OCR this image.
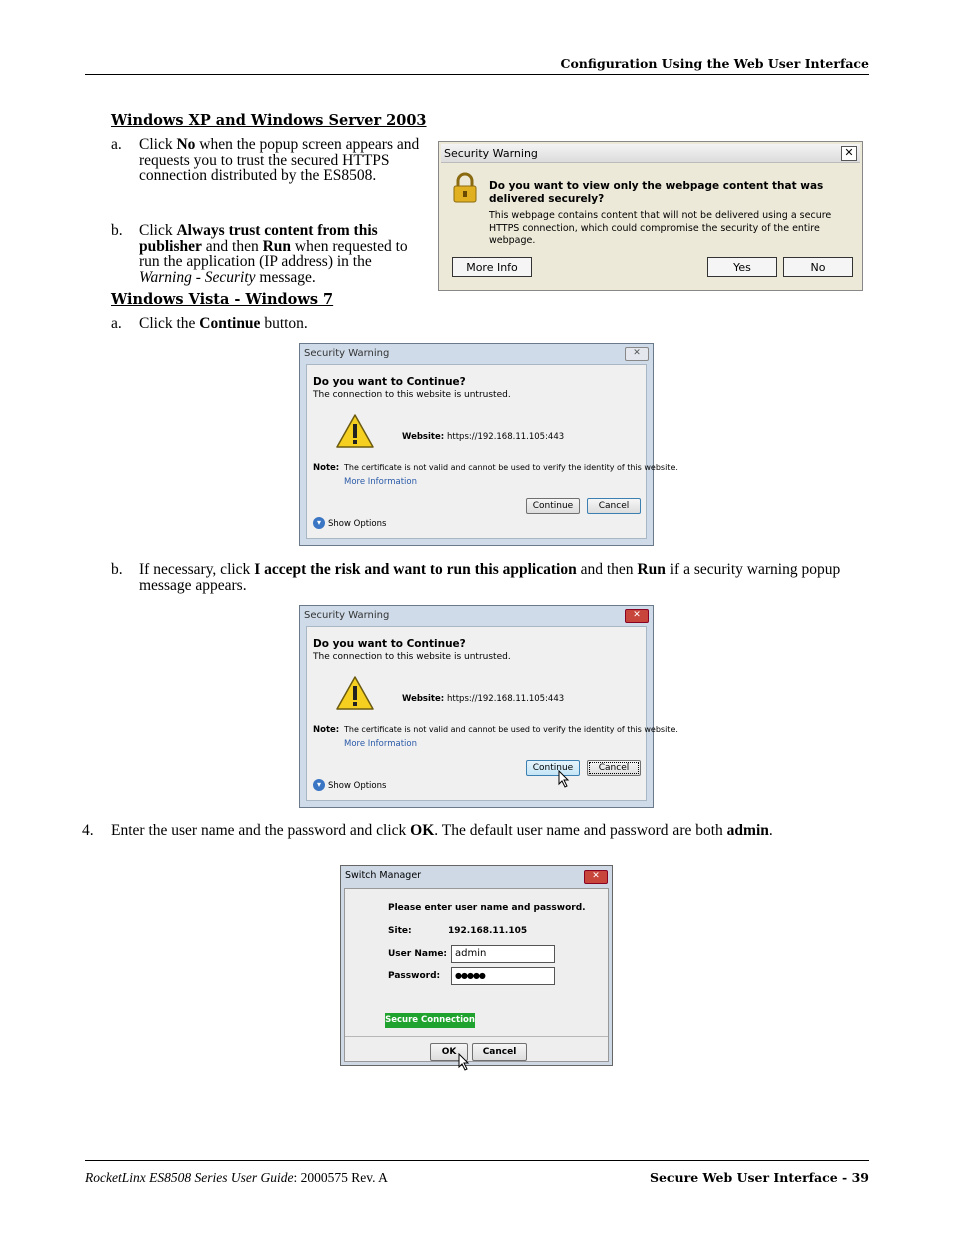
Configuration Using the Web User Interface
Windows XP and Windows Server 2003
a.	Click No when the popup screen appears and requests you to trust the secured HTTPS connection distributed by the ES8508.
b.	Click Always trust content from this publisher and then Run when requested to run the application (IP address) in the Warning - Security message.
Security Warning	✕
Do you want to view only the webpage content that was delivered securely?
This webpage contains content that will not be delivered using a secure HTTPS connection, which could compromise the security of the entire webpage.
More Info	Yes	No
Windows Vista - Windows 7
a.	Click the Continue button.
Security Warning	✕
Do you want to Continue?
The connection to this website is untrusted.
Website: https://192.168.11.105:443
Note: The certificate is not valid and cannot be used to verify the identity of this website.
More Information
Continue	Cancel
▾ Show Options
b.	If necessary, click I accept the risk and want to run this application and then Run if a security warning popup message appears.
Security Warning	✕
Do you want to Continue?
The connection to this website is untrusted.
Website: https://192.168.11.105:443
Note: The certificate is not valid and cannot be used to verify the identity of this website.
More Information
Continue	Cancel
▾ Show Options
4.	Enter the user name and the password and click OK. The default user name and password are both admin.
Switch Manager	✕
Please enter user name and password.
Site:	192.168.11.105
User Name: admin
Password:	●●●●●
Secure Connection
OK	Cancel
RocketLinx ES8508 Series User Guide: 2000575 Rev. A	Secure Web User Interface - 39
